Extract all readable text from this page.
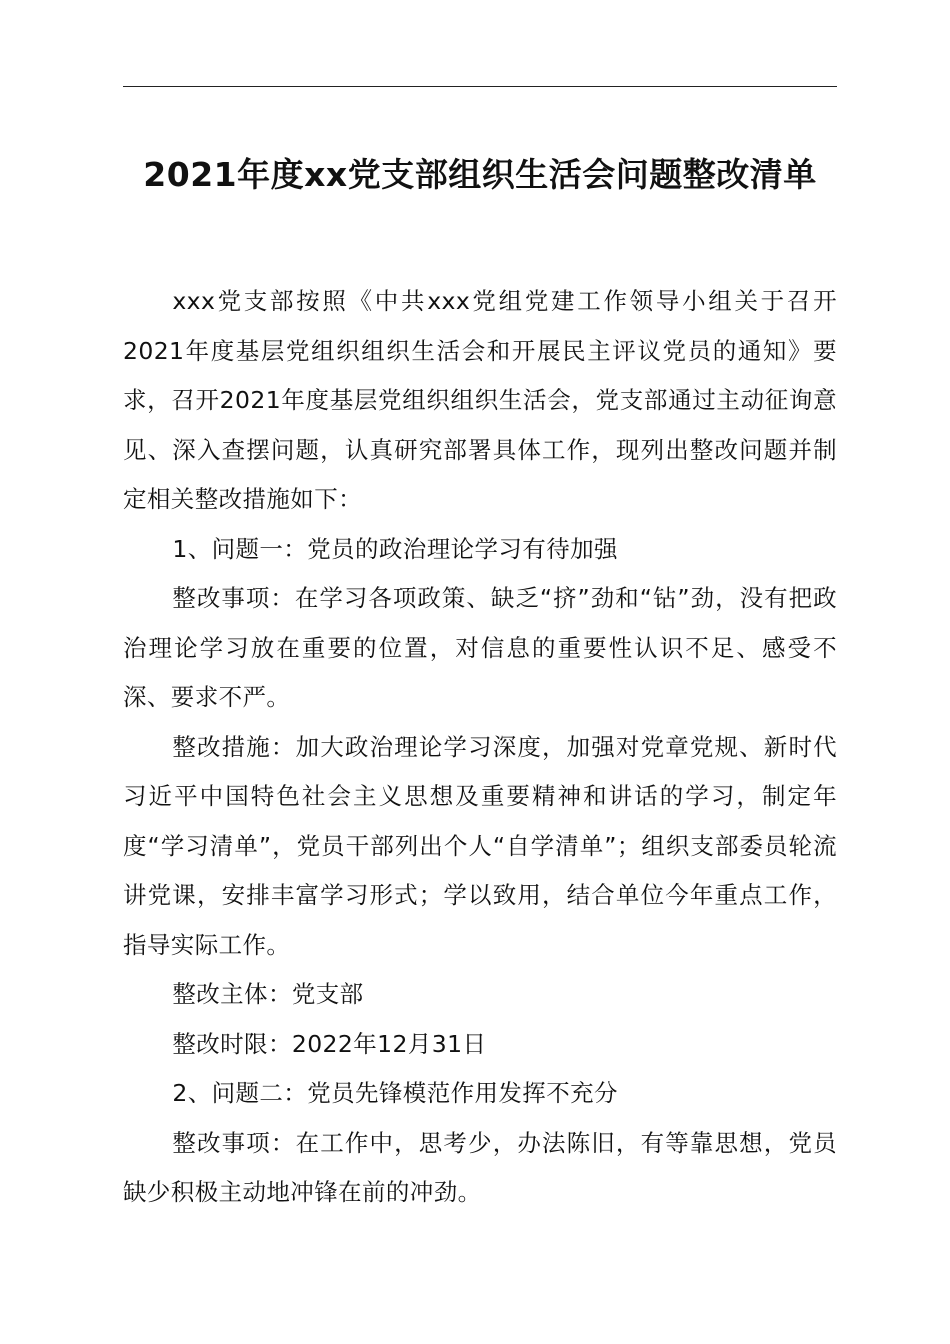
2021年度xx党支部组织生活会问题整改清单

xxx党支部按照《中共xxx党组党建工作领导小组关于召开2021年度基层党组织组织生活会和开展民主评议党员的通知》要求，召开2021年度基层党组织组织生活会，党支部通过主动征询意见、深入查摆问题，认真研究部署具体工作，现列出整改问题并制定相关整改措施如下：

1、问题一：党员的政治理论学习有待加强

整改事项：在学习各项政策、缺乏“挤”劲和“钻”劲，没有把政治理论学习放在重要的位置，对信息的重要性认识不足、感受不深、要求不严。

整改措施：加大政治理论学习深度，加强对党章党规、新时代习近平中国特色社会主义思想及重要精神和讲话的学习，制定年度“学习清单”，党员干部列出个人“自学清单”；组织支部委员轮流讲党课，安排丰富学习形式；学以致用，结合单位今年重点工作，指导实际工作。

整改主体：党支部

整改时限：2022年12月31日

2、问题二：党员先锋模范作用发挥不充分

整改事项：在工作中，思考少，办法陈旧，有等靠思想，党员缺少积极主动地冲锋在前的冲劲。
